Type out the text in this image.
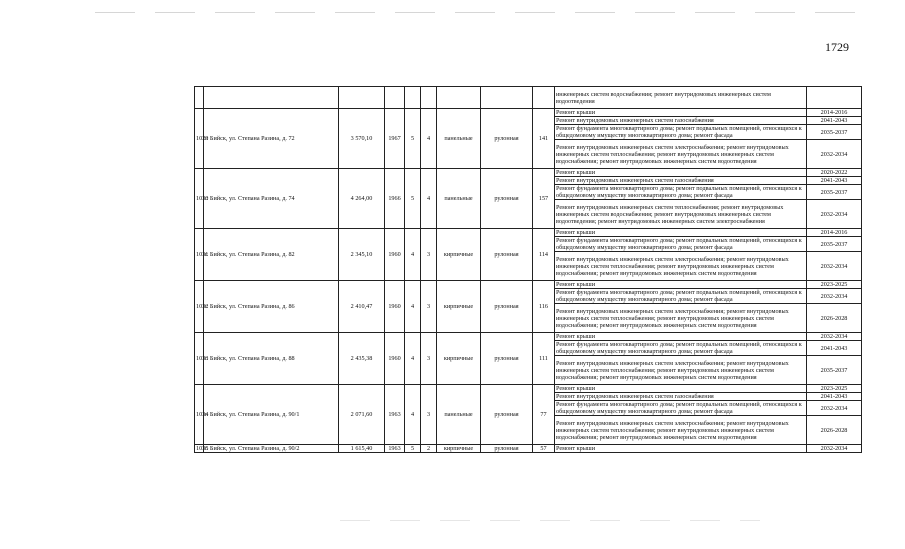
1729
									инженерных систем водоснабжения; ремонт внутридомовых инженерных систем водоотведения	
1029	г. Бийск, ул. Степана Разина, д. 72	3 570,10	1967	5	4	панельные	рулонная	141	Ремонт крыши	2014-2016
									Ремонт внутридомовых инженерных систем газоснабжения	2041-2043
									Ремонт фундамента многоквартирного дома; ремонт подвальных помещений, относящихся к общедомовому имуществу многоквартирного дома; ремонт фасада	2035-2037
									Ремонт внутридомовых инженерных систем электроснабжения; ремонт внутридомовых инженерных систем теплоснабжения; ремонт внутридомовых инженерных систем водоснабжения; ремонт внутридомовых инженерных систем водоотведения	2032-2034
1030	г. Бийск, ул. Степана Разина, д. 74	4 264,00	1966	5	4	панельные	рулонная	157	Ремонт крыши	2020-2022
									Ремонт внутридомовых инженерных систем газоснабжения	2041-2043
									Ремонт фундамента многоквартирного дома; ремонт подвальных помещений, относящихся к общедомовому имуществу многоквартирного дома; ремонт фасада	2035-2037
									Ремонт внутридомовых инженерных систем теплоснабжения; ремонт внутридомовых инженерных систем водоснабжения; ремонт внутридомовых инженерных систем водоотведения; ремонт внутридомовых инженерных систем электроснабжения	2032-2034
1031	г. Бийск, ул. Степана Разина, д. 82	2 345,10	1960	4	3	кирпичные	рулонная	114	Ремонт крыши	2014-2016
									Ремонт фундамента многоквартирного дома; ремонт подвальных помещений, относящихся к общедомовому имуществу многоквартирного дома; ремонт фасада	2035-2037
									Ремонт внутридомовых инженерных систем электроснабжения; ремонт внутридомовых инженерных систем теплоснабжения; ремонт внутридомовых инженерных систем водоснабжения; ремонт внутридомовых инженерных систем водоотведения	2032-2034
1032	г. Бийск, ул. Степана Разина, д. 86	2 410,47	1960	4	3	кирпичные	рулонная	116	Ремонт крыши	2023-2025
									Ремонт фундамента многоквартирного дома; ремонт подвальных помещений, относящихся к общедомовому имуществу многоквартирного дома; ремонт фасада	2032-2034
									Ремонт внутридомовых инженерных систем электроснабжения; ремонт внутридомовых инженерных систем теплоснабжения; ремонт внутридомовых инженерных систем водоснабжения; ремонт внутридомовых инженерных систем водоотведения	2026-2028
1033	г. Бийск, ул. Степана Разина, д. 88	2 435,38	1960	4	3	кирпичные	рулонная	111	Ремонт крыши	2032-2034
									Ремонт фундамента многоквартирного дома; ремонт подвальных помещений, относящихся к общедомовому имуществу многоквартирного дома; ремонт фасада	2041-2043
									Ремонт внутридомовых инженерных систем электроснабжения; ремонт внутридомовых инженерных систем теплоснабжения; ремонт внутридомовых инженерных систем водоснабжения; ремонт внутридомовых инженерных систем водоотведения	2035-2037
1034	г. Бийск, ул. Степана Разина, д. 90/1	2 071,60	1963	4	3	панельные	рулонная	77	Ремонт крыши	2023-2025
									Ремонт внутридомовых инженерных систем газоснабжения	2041-2043
									Ремонт фундамента многоквартирного дома; ремонт подвальных помещений, относящихся к общедомовому имуществу многоквартирного дома; ремонт фасада	2032-2034
									Ремонт внутридомовых инженерных систем электроснабжения; ремонт внутридомовых инженерных систем теплоснабжения; ремонт внутридомовых инженерных систем водоснабжения; ремонт внутридомовых инженерных систем водоотведения	2026-2028
1035	г. Бийск, ул. Степана Разина, д. 90/2	1 615,40	1963	5	2	кирпичные	рулонная	57	Ремонт крыши	2032-2034
